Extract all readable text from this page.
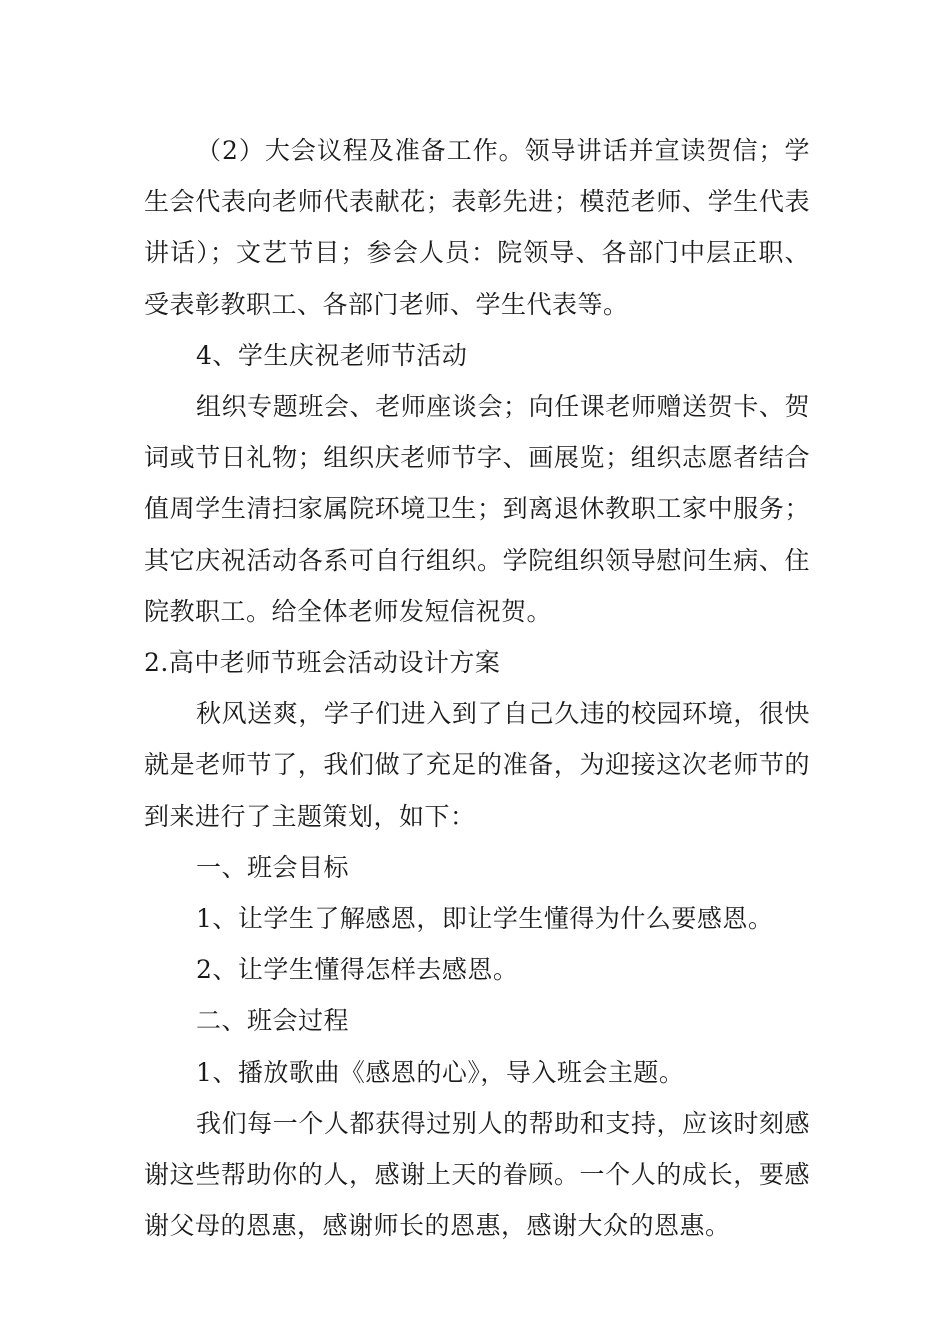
（2）大会议程及准备工作。领导讲话并宣读贺信；学生会代表向老师代表献花；表彰先进；模范老师、学生代表讲话）；文艺节目；参会人员：院领导、各部门中层正职、受表彰教职工、各部门老师、学生代表等。

4、学生庆祝老师节活动

组织专题班会、老师座谈会；向任课老师赠送贺卡、贺词或节日礼物；组织庆老师节字、画展览；组织志愿者结合值周学生清扫家属院环境卫生；到离退休教职工家中服务；其它庆祝活动各系可自行组织。学院组织领导慰问生病、住院教职工。给全体老师发短信祝贺。

2.高中老师节班会活动设计方案

秋风送爽，学子们进入到了自己久违的校园环境，很快就是老师节了，我们做了充足的准备，为迎接这次老师节的到来进行了主题策划，如下：

一、班会目标

1、让学生了解感恩，即让学生懂得为什么要感恩。

2、让学生懂得怎样去感恩。

二、班会过程

1、播放歌曲《感恩的心》，导入班会主题。

我们每一个人都获得过别人的帮助和支持，应该时刻感谢这些帮助你的人，感谢上天的眷顾。一个人的成长，要感谢父母的恩惠，感谢师长的恩惠，感谢大众的恩惠。
